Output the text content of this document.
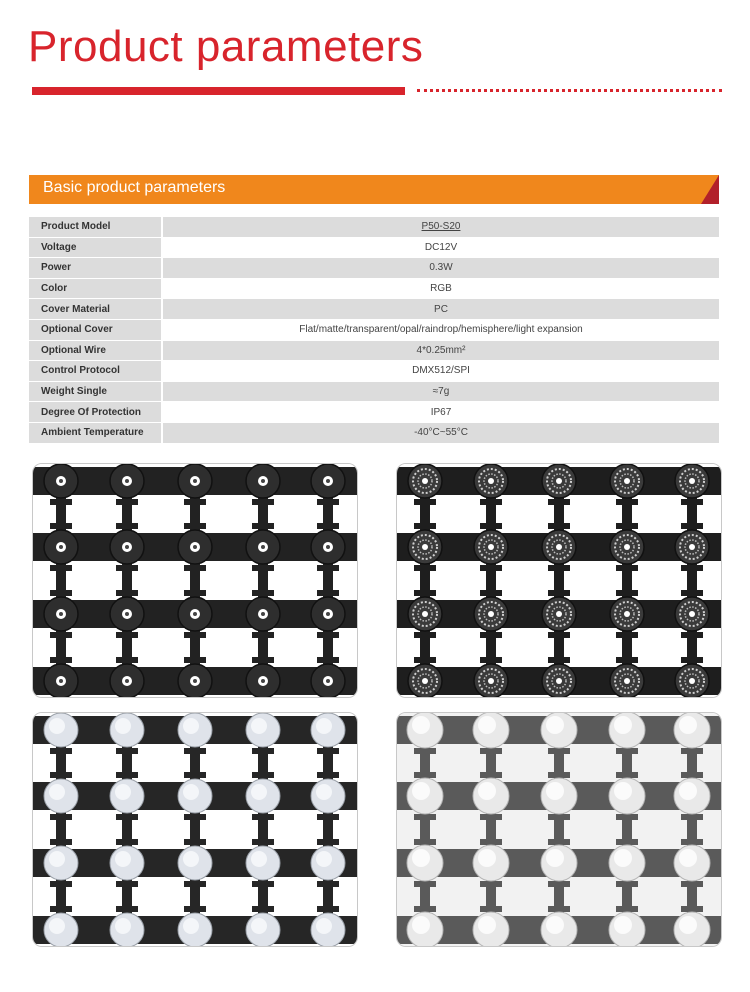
Product parameters
Basic product parameters
Product Model	P50-S20
Voltage	DC12V
Power	0.3W
Color	RGB
Cover Material	PC
Optional Cover	Flat/matte/transparent/opal/raindrop/hemisphere/light expansion
Optional Wire	4*0.25mm²
Control Protocol	DMX512/SPI
Weight Single	≈7g
Degree Of Protection	IP67
Ambient Temperature	-40°C~55°C
